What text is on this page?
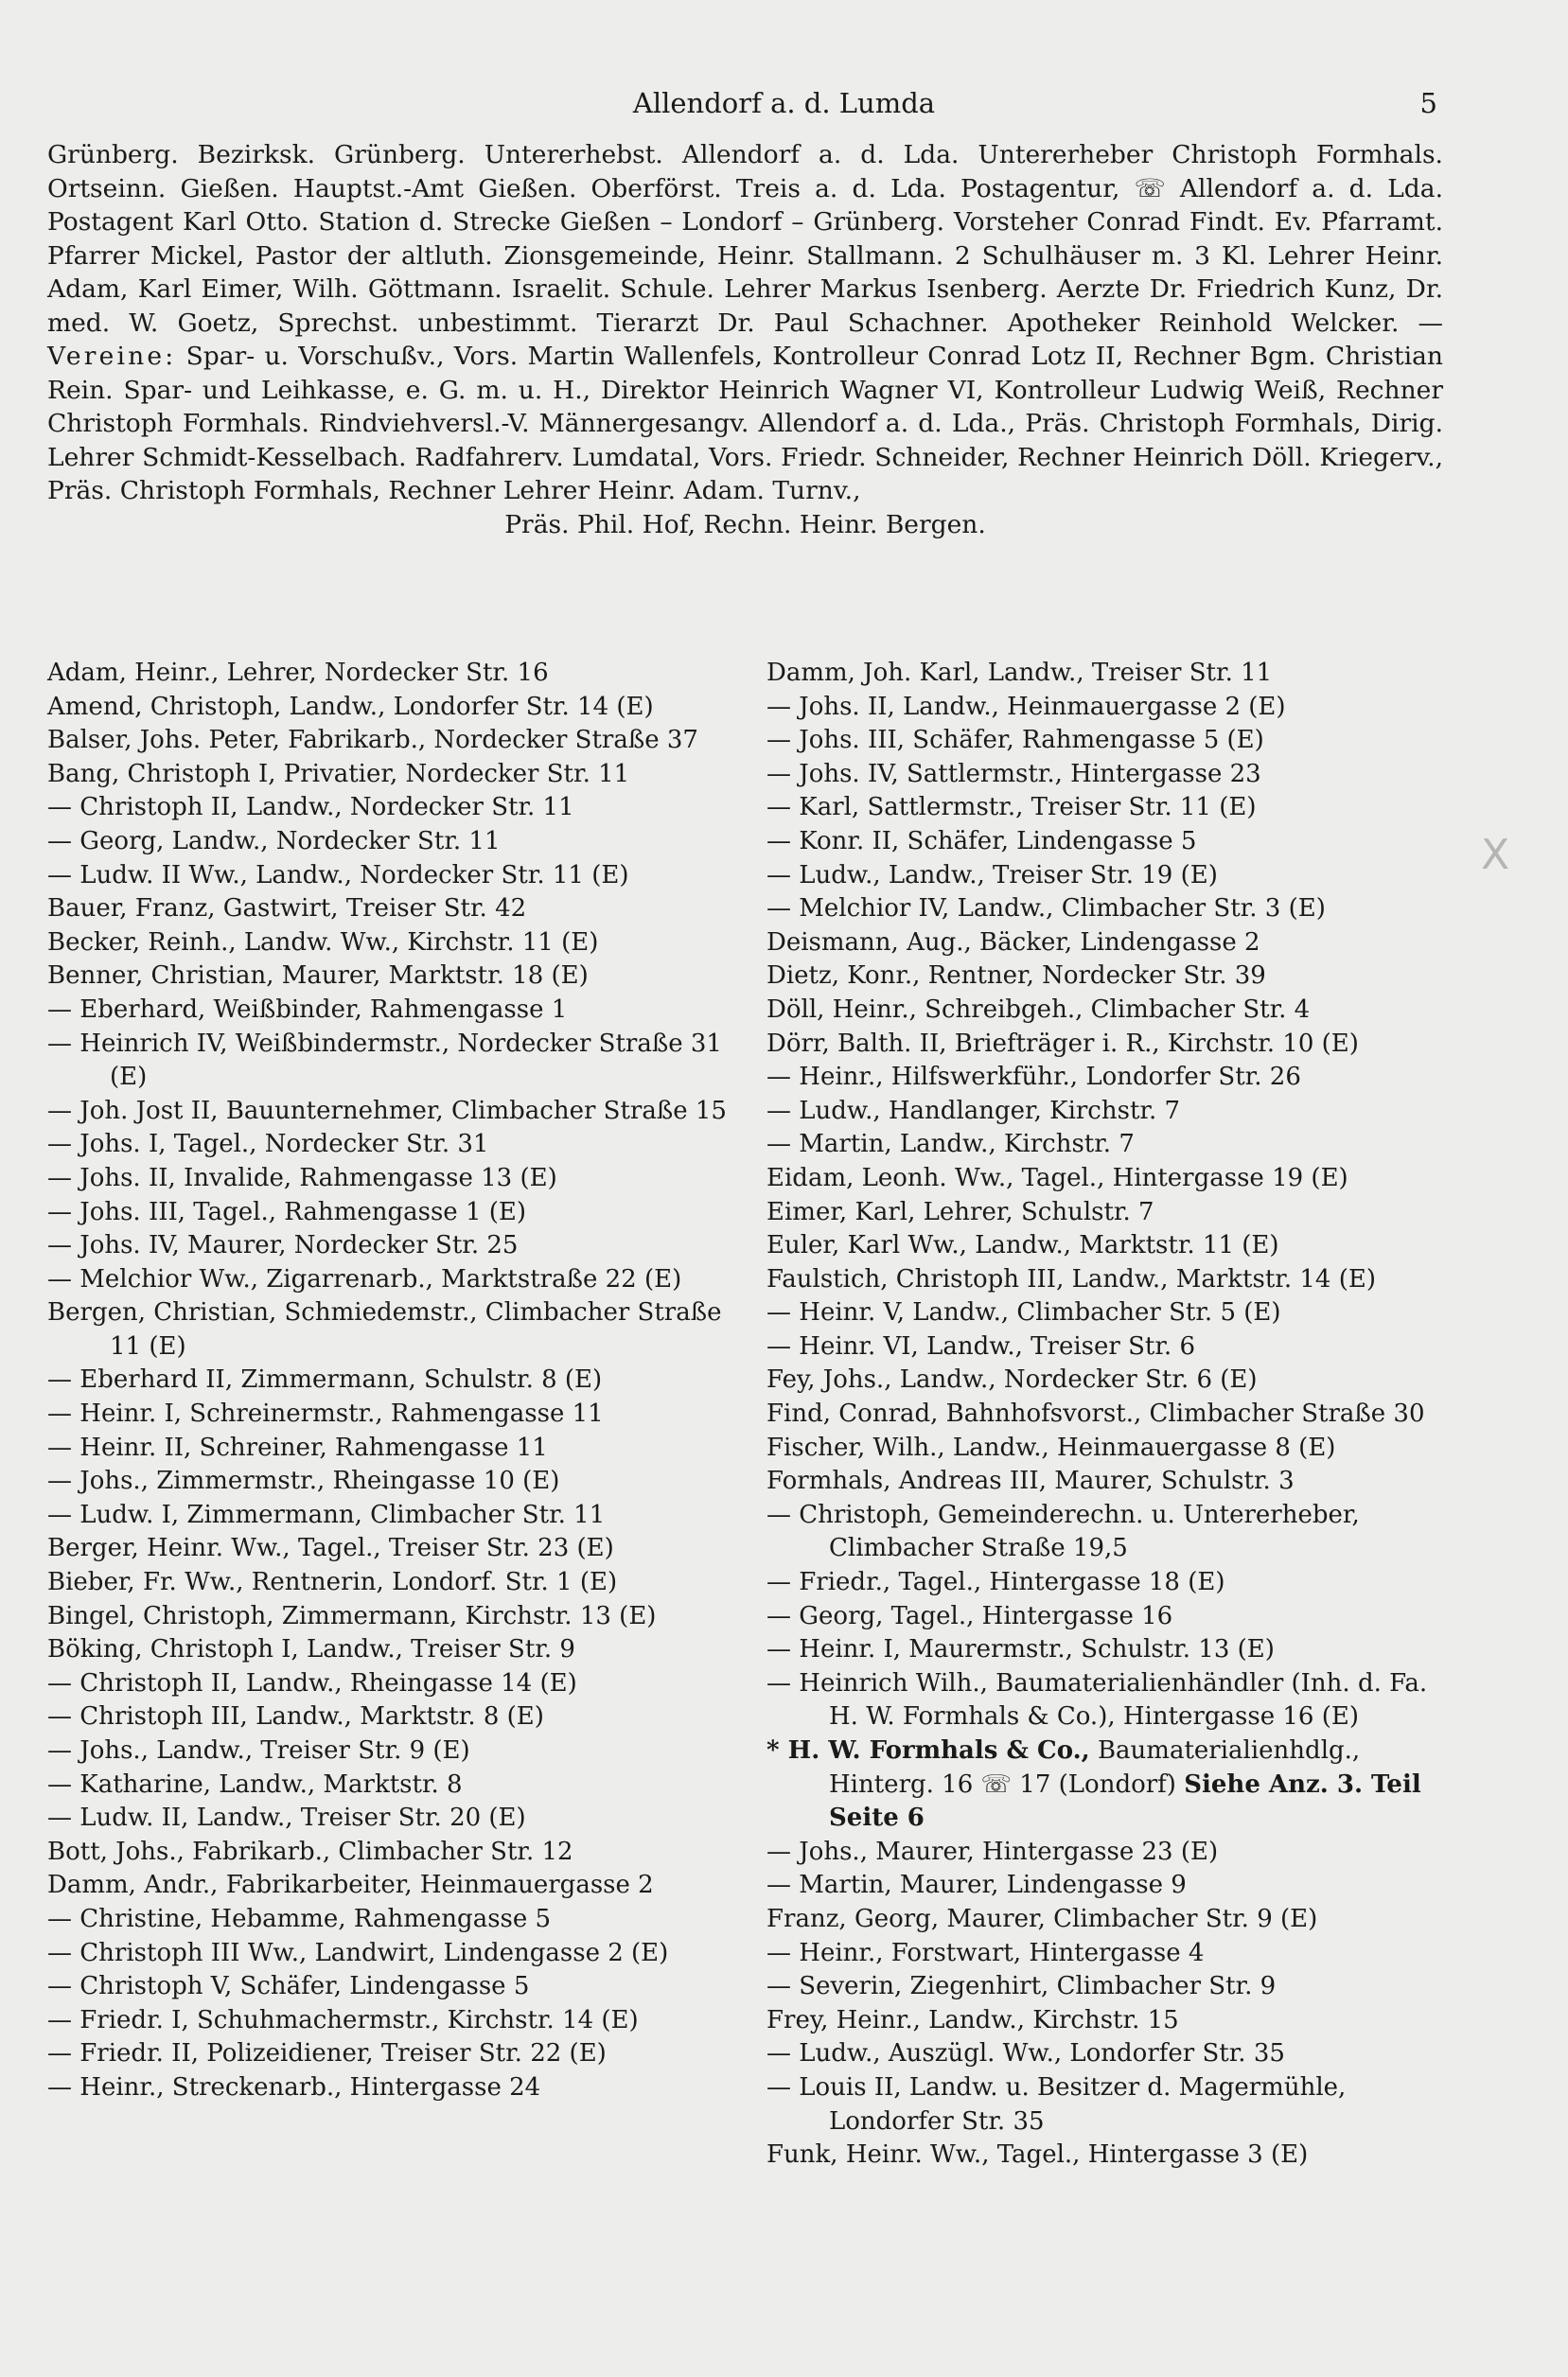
Allendorf a. d. Lumda	5

Grünberg. Bezirksk. Grünberg. Untererhebst. Allendorf a. d. Lda. Untererheber Christoph Formhals. Ortseinn. Gießen. Hauptst.-Amt Gießen. Oberförst. Treis a. d. Lda. Postagentur, ☏ Allendorf a. d. Lda. Postagent Karl Otto. Station d. Strecke Gießen – Londorf – Grünberg. Vorsteher Conrad Findt. Ev. Pfarramt. Pfarrer Mickel, Pastor der altluth. Zionsgemeinde, Heinr. Stallmann. 2 Schulhäuser m. 3 Kl. Lehrer Heinr. Adam, Karl Eimer, Wilh. Göttmann. Israelit. Schule. Lehrer Markus Isenberg. Aerzte Dr. Friedrich Kunz, Dr. med. W. Goetz, Sprechst. unbestimmt. Tierarzt Dr. Paul Schachner. Apotheker Reinhold Welcker. — Vereine: Spar- u. Vorschußv., Vors. Martin Wallenfels, Kontrolleur Conrad Lotz II, Rechner Bgm. Christian Rein. Spar- und Leihkasse, e. G. m. u. H., Direktor Heinrich Wagner VI, Kontrolleur Ludwig Weiß, Rechner Christoph Formhals. Rindviehversl.-V. Männergesangv. Allendorf a. d. Lda., Präs. Christoph Formhals, Dirig. Lehrer Schmidt-Kesselbach. Radfahrerv. Lumdatal, Vors. Friedr. Schneider, Rechner Heinrich Döll. Kriegerv., Präs. Christoph Formhals, Rechner Lehrer Heinr. Adam. Turnv.,

Präs. Phil. Hof, Rechn. Heinr. Bergen.

Adam, Heinr., Lehrer, Nordecker Str. 16

Amend, Christoph, Landw., Londorfer Str. 14 (E)

Balser, Johs. Peter, Fabrikarb., Nordecker Straße 37

Bang, Christoph I, Privatier, Nordecker Str. 11

— Christoph II, Landw., Nordecker Str. 11

— Georg, Landw., Nordecker Str. 11

— Ludw. II Ww., Landw., Nordecker Str. 11 (E)

Bauer, Franz, Gastwirt, Treiser Str. 42

Becker, Reinh., Landw. Ww., Kirchstr. 11 (E)

Benner, Christian, Maurer, Marktstr. 18 (E)

— Eberhard, Weißbinder, Rahmengasse 1

— Heinrich IV, Weißbindermstr., Nordecker Straße 31 (E)

— Joh. Jost II, Bauunternehmer, Climbacher Straße 15

— Johs. I, Tagel., Nordecker Str. 31

— Johs. II, Invalide, Rahmengasse 13 (E)

— Johs. III, Tagel., Rahmengasse 1 (E)

— Johs. IV, Maurer, Nordecker Str. 25

— Melchior Ww., Zigarrenarb., Marktstraße 22 (E)

Bergen, Christian, Schmiedemstr., Climbacher Straße 11 (E)

— Eberhard II, Zimmermann, Schulstr. 8 (E)

— Heinr. I, Schreinermstr., Rahmengasse 11

— Heinr. II, Schreiner, Rahmengasse 11

— Johs., Zimmermstr., Rheingasse 10 (E)

— Ludw. I, Zimmermann, Climbacher Str. 11

Berger, Heinr. Ww., Tagel., Treiser Str. 23 (E)

Bieber, Fr. Ww., Rentnerin, Londorf. Str. 1 (E)

Bingel, Christoph, Zimmermann, Kirchstr. 13 (E)

Böking, Christoph I, Landw., Treiser Str. 9

— Christoph II, Landw., Rheingasse 14 (E)

— Christoph III, Landw., Marktstr. 8 (E)

— Johs., Landw., Treiser Str. 9 (E)

— Katharine, Landw., Marktstr. 8

— Ludw. II, Landw., Treiser Str. 20 (E)

Bott, Johs., Fabrikarb., Climbacher Str. 12

Damm, Andr., Fabrikarbeiter, Heinmauergasse 2

— Christine, Hebamme, Rahmengasse 5

— Christoph III Ww., Landwirt, Lindengasse 2 (E)

— Christoph V, Schäfer, Lindengasse 5

— Friedr. I, Schuhmachermstr., Kirchstr. 14 (E)

— Friedr. II, Polizeidiener, Treiser Str. 22 (E)

— Heinr., Streckenarb., Hintergasse 24

Damm, Joh. Karl, Landw., Treiser Str. 11

— Johs. II, Landw., Heinmauergasse 2 (E)

— Johs. III, Schäfer, Rahmengasse 5 (E)

— Johs. IV, Sattlermstr., Hintergasse 23

— Karl, Sattlermstr., Treiser Str. 11 (E)

— Konr. II, Schäfer, Lindengasse 5

— Ludw., Landw., Treiser Str. 19 (E)

— Melchior IV, Landw., Climbacher Str. 3 (E)

Deismann, Aug., Bäcker, Lindengasse 2

Dietz, Konr., Rentner, Nordecker Str. 39

Döll, Heinr., Schreibgeh., Climbacher Str. 4

Dörr, Balth. II, Briefträger i. R., Kirchstr. 10 (E)

— Heinr., Hilfswerkführ., Londorfer Str. 26

— Ludw., Handlanger, Kirchstr. 7

— Martin, Landw., Kirchstr. 7

Eidam, Leonh. Ww., Tagel., Hintergasse 19 (E)

Eimer, Karl, Lehrer, Schulstr. 7

Euler, Karl Ww., Landw., Marktstr. 11 (E)

Faulstich, Christoph III, Landw., Marktstr. 14 (E)

— Heinr. V, Landw., Climbacher Str. 5 (E)

— Heinr. VI, Landw., Treiser Str. 6

Fey, Johs., Landw., Nordecker Str. 6 (E)

Find, Conrad, Bahnhofsvorst., Climbacher Straße 30

Fischer, Wilh., Landw., Heinmauergasse 8 (E)

Formhals, Andreas III, Maurer, Schulstr. 3

— Christoph, Gemeinderechn. u. Untererheber, Climbacher Straße 19,5

— Friedr., Tagel., Hintergasse 18 (E)

— Georg, Tagel., Hintergasse 16

— Heinr. I, Maurermstr., Schulstr. 13 (E)

— Heinrich Wilh., Baumaterialienhändler (Inh. d. Fa. H. W. Formhals & Co.), Hintergasse 16 (E)

* H. W. Formhals & Co., Baumaterialienhdlg., Hinterg. 16 ☏ 17 (Londorf) Siehe Anz. 3. Teil Seite 6

— Johs., Maurer, Hintergasse 23 (E)

— Martin, Maurer, Lindengasse 9

Franz, Georg, Maurer, Climbacher Str. 9 (E)

— Heinr., Forstwart, Hintergasse 4

— Severin, Ziegenhirt, Climbacher Str. 9

Frey, Heinr., Landw., Kirchstr. 15

— Ludw., Auszügl. Ww., Londorfer Str. 35

— Louis II, Landw. u. Besitzer d. Magermühle, Londorfer Str. 35

Funk, Heinr. Ww., Tagel., Hintergasse 3 (E)

X
